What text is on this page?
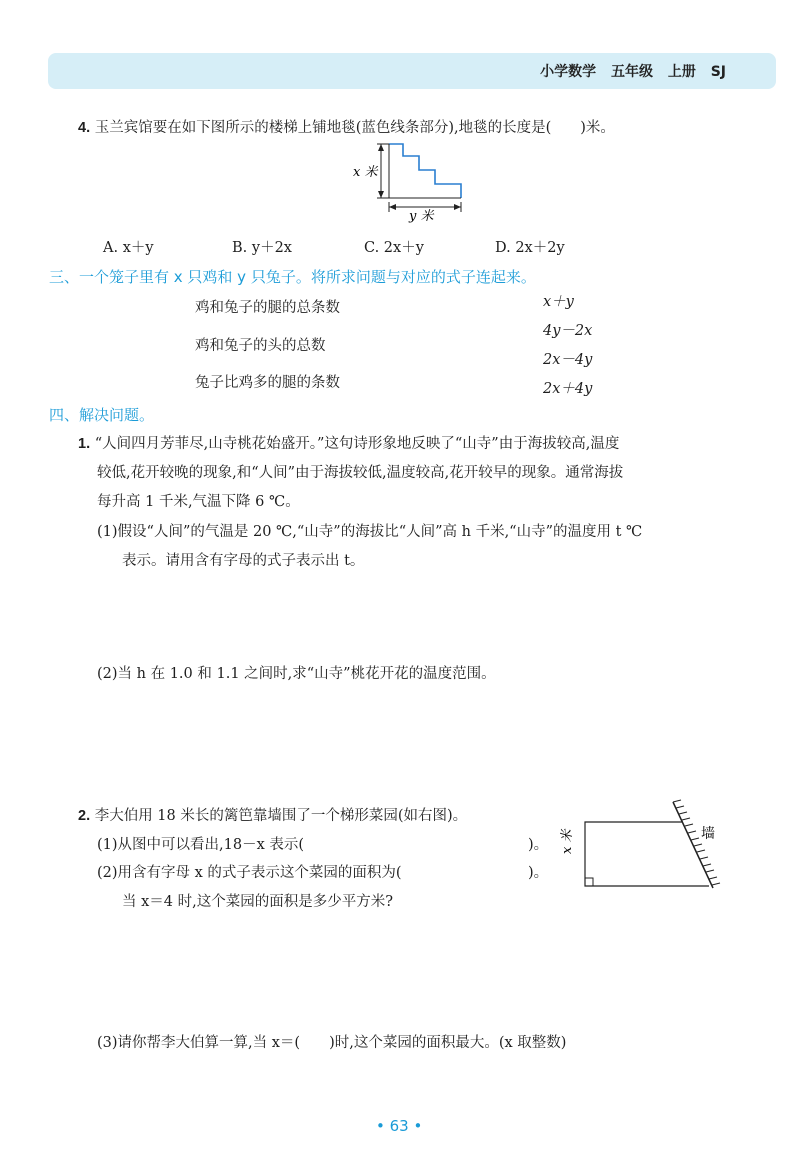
小学数学 五年级 上册 SJ
4. 玉兰宾馆要在如下图所示的楼梯上铺地毯(蓝色线条部分),地毯的长度是(　　)米。
x 米
y 米
A. x＋y	B. y＋2x	C. 2x＋y	D. 2x＋2y
三、一个笼子里有 x 只鸡和 y 只兔子。将所求问题与对应的式子连起来。
鸡和兔子的腿的总条数
鸡和兔子的头的总数
兔子比鸡多的腿的条数
x＋y
4y－2x
2x－4y
2x＋4y
四、解决问题。
1. “人间四月芳菲尽,山寺桃花始盛开。”这句诗形象地反映了“山寺”由于海拔较高,温度
较低,花开较晚的现象,和“人间”由于海拔较低,温度较高,花开较早的现象。通常海拔
每升高 1 千米,气温下降 6 ℃。
(1)假设“人间”的气温是 20 ℃,“山寺”的海拔比“人间”高 h 千米,“山寺”的温度用 t ℃
表示。请用含有字母的式子表示出 t。
(2)当 h 在 1.0 和 1.1 之间时,求“山寺”桃花开花的温度范围。
2. 李大伯用 18 米长的篱笆靠墙围了一个梯形菜园(如右图)。
(1)从图中可以看出,18－x 表示(	)。
(2)用含有字母 x 的式子表示这个菜园的面积为(	)。
当 x＝4 时,这个菜园的面积是多少平方米?
(3)请你帮李大伯算一算,当 x＝(　　)时,这个菜园的面积最大。(x 取整数)
墙
x 米
• 63 •
